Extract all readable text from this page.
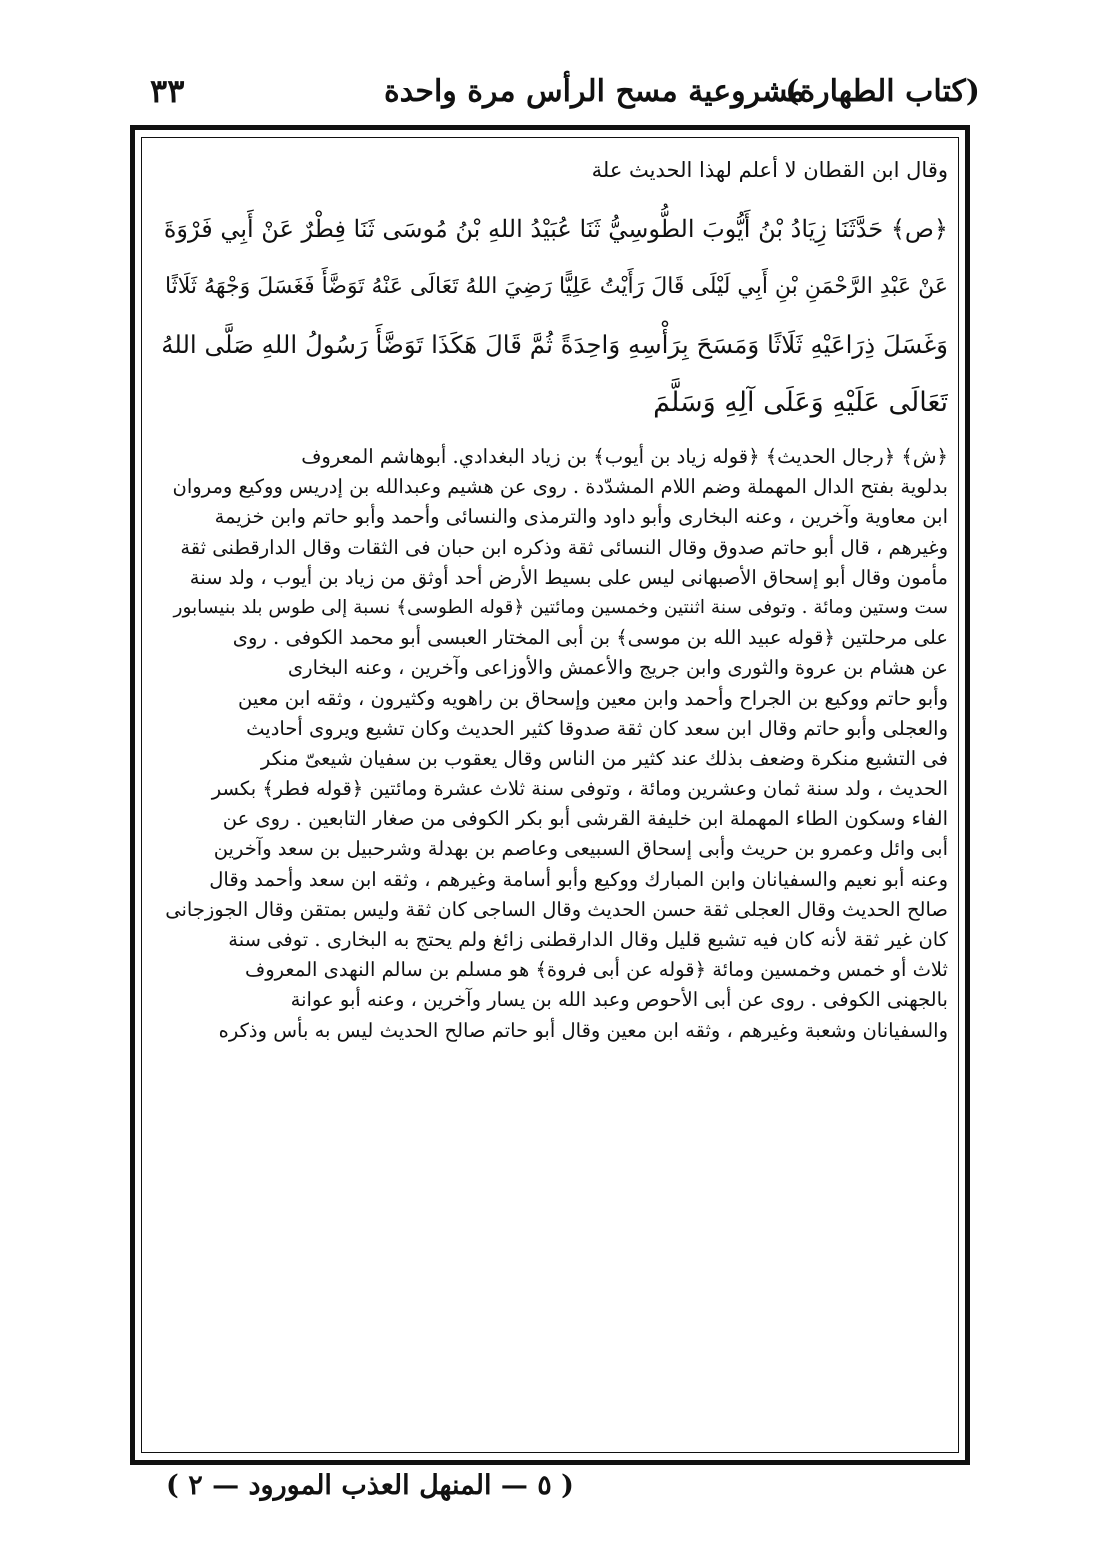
(كتاب الطهارة)
مشروعية مسح الرأس مرة واحدة
٣٣

وقال ابن القطان لا أعلم لهذا الحديث علة

﴿ص﴾ حَدَّثَنَا زِيَادُ بْنُ أَيُّوبَ الطُّوسِيُّ ثَنَا عُبَيْدُ اللهِ بْنُ مُوسَى ثَنَا فِطْرٌ عَنْ أَبِي فَرْوَةَ

عَنْ عَبْدِ الرَّحْمَنِ بْنِ أَبِي لَيْلَى قَالَ رَأَيْتُ عَلِيًّا رَضِيَ اللهُ تَعَالَى عَنْهُ تَوَضَّأَ فَغَسَلَ وَجْهَهُ ثَلَاثًا

وَغَسَلَ ذِرَاعَيْهِ ثَلَاثًا وَمَسَحَ بِرَأْسِهِ وَاحِدَةً ثُمَّ قَالَ هَكَذَا تَوَضَّأَ رَسُولُ اللهِ صَلَّى اللهُ

تَعَالَى عَلَيْهِ وَعَلَى آلِهِ وَسَلَّمَ

﴿ش﴾ ﴿رجال الحديث﴾ ﴿قوله زياد بن أيوب﴾ بن زياد البغدادي. أبوهاشم المعروف

بدلوية بفتح الدال المهملة وضم اللام المشدّدة . روى عن هشيم وعبدالله بن إدريس ووكيع ومروان

ابن معاوية وآخرين ، وعنه البخارى وأبو داود والترمذى والنسائى وأحمد وأبو حاتم وابن خزيمة

وغيرهم ، قال أبو حاتم صدوق وقال النسائى ثقة وذكره ابن حبان فى الثقات وقال الدارقطنى ثقة

مأمون وقال أبو إسحاق الأصبهانى ليس على بسيط الأرض أحد أوثق من زياد بن أيوب ، ولد سنة

ست وستين ومائة . وتوفى سنة اثنتين وخمسين ومائتين ﴿قوله الطوسى﴾ نسبة إلى طوس بلد بنيسابور

على مرحلتين ﴿قوله عبيد الله بن موسى﴾ بن أبى المختار العبسى أبو محمد الكوفى . روى

عن هشام بن عروة والثورى وابن جريج والأعمش والأوزاعى وآخرين ، وعنه البخارى

وأبو حاتم ووكيع بن الجراح وأحمد وابن معين وإسحاق بن راهويه وكثيرون ، وثقه ابن معين

والعجلى وأبو حاتم وقال ابن سعد كان ثقة صدوقا كثير الحديث وكان تشيع ويروى أحاديث

فى التشيع منكرة وضعف بذلك عند كثير من الناس وقال يعقوب بن سفيان شيعىّ منكر

الحديث ، ولد سنة ثمان وعشرين ومائة ، وتوفى سنة ثلاث عشرة ومائتين ﴿قوله فطر﴾ بكسر

الفاء وسكون الطاء المهملة ابن خليفة القرشى أبو بكر الكوفى من صغار التابعين . روى عن

أبى وائل وعمرو بن حريث وأبى إسحاق السبيعى وعاصم بن بهدلة وشرحبيل بن سعد وآخرين

وعنه أبو نعيم والسفيانان وابن المبارك ووكيع وأبو أسامة وغيرهم ، وثقه ابن سعد وأحمد وقال

صالح الحديث وقال العجلى ثقة حسن الحديث وقال الساجى كان ثقة وليس بمتقن وقال الجوزجانى

كان غير ثقة لأنه كان فيه تشيع قليل وقال الدارقطنى زائغ ولم يحتج به البخارى . توفى سنة

ثلاث أو خمس وخمسين ومائة ﴿قوله عن أبى فروة﴾ هو مسلم بن سالم النهدى المعروف

بالجهنى الكوفى . روى عن أبى الأحوص وعبد الله بن يسار وآخرين ، وعنه أبو عوانة

والسفيانان وشعبة وغيرهم ، وثقه ابن معين وقال أبو حاتم صالح الحديث ليس به بأس وذكره

( ٥ — المنهل العذب المورود — ٢ )
